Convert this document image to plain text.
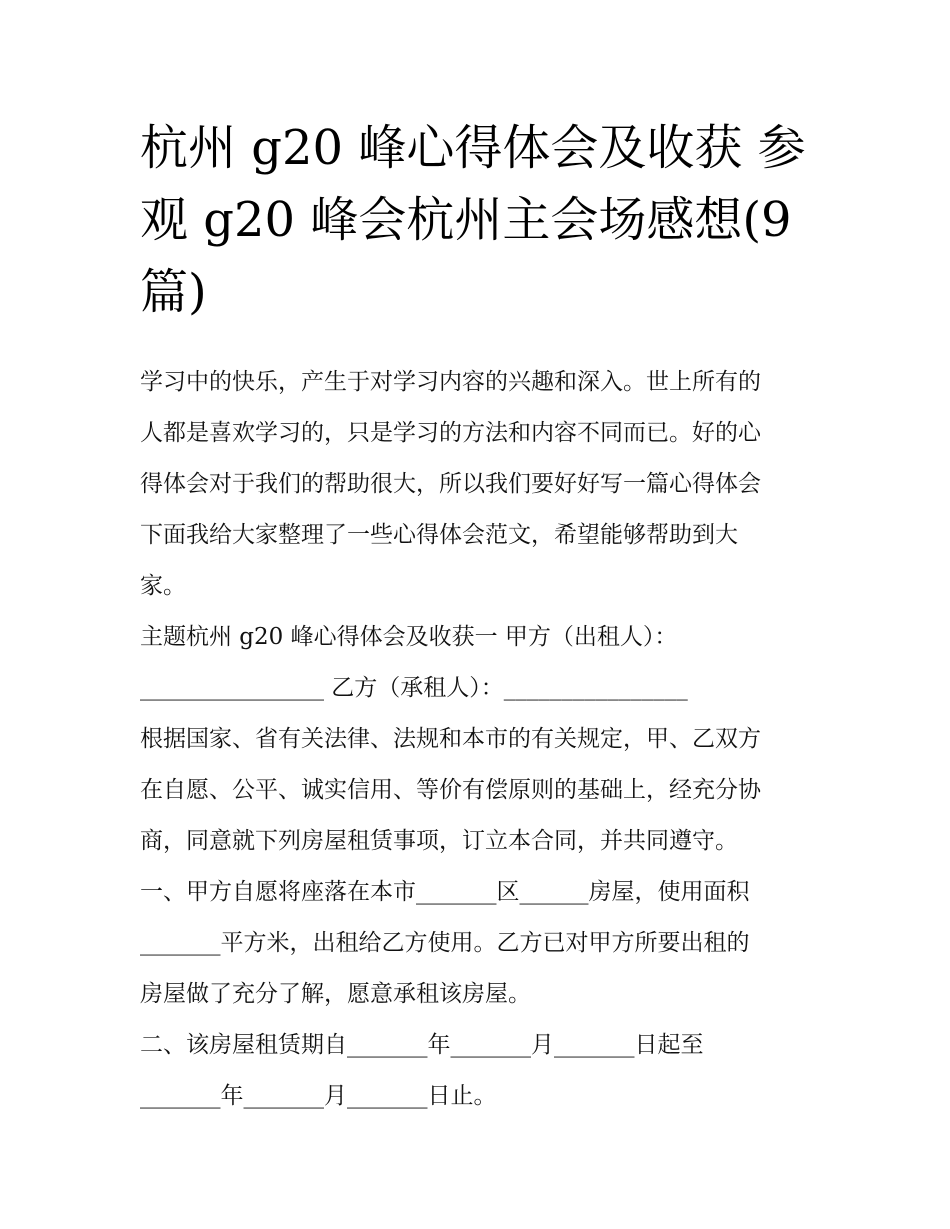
杭州 g20 峰心得体会及收获 参
观 g20 峰会杭州主会场感想(9
篇)

学习中的快乐，产生于对学习内容的兴趣和深入。世上所有的
人都是喜欢学习的，只是学习的方法和内容不同而已。好的心
得体会对于我们的帮助很大，所以我们要好好写一篇心得体会
下面我给大家整理了一些心得体会范文，希望能够帮助到大
家。

主题杭州 g20 峰心得体会及收获一 甲方（出租人）：
________________ 乙方（承租人）：________________

根据国家、省有关法律、法规和本市的有关规定，甲、乙双方
在自愿、公平、诚实信用、等价有偿原则的基础上，经充分协
商，同意就下列房屋租赁事项，订立本合同，并共同遵守。

一、甲方自愿将座落在本市_______区______房屋，使用面积
_______平方米，出租给乙方使用。乙方已对甲方所要出租的
房屋做了充分了解，愿意承租该房屋。

二、该房屋租赁期自_______年_______月_______日起至
_______年_______月_______日止。
